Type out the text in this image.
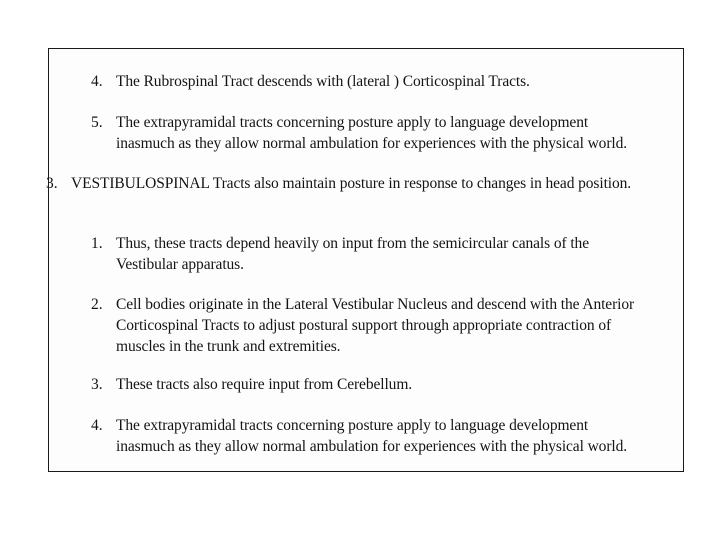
4. The Rubrospinal Tract descends with (lateral ) Corticospinal Tracts.
5. The extrapyramidal tracts concerning posture apply to language development
inasmuch as they allow normal ambulation for experiences with the physical world.
3. VESTIBULOSPINAL Tracts also maintain posture in response to changes in head position.
1. Thus, these tracts depend heavily on input from the semicircular canals of the
Vestibular apparatus.
2. Cell bodies originate in the Lateral Vestibular Nucleus and descend with the Anterior
Corticospinal Tracts to adjust postural support through appropriate contraction of
muscles in the trunk and extremities.
3. These tracts also require input from Cerebellum.
4. The extrapyramidal tracts concerning posture apply to language development
inasmuch as they allow normal ambulation for experiences with the physical world.
